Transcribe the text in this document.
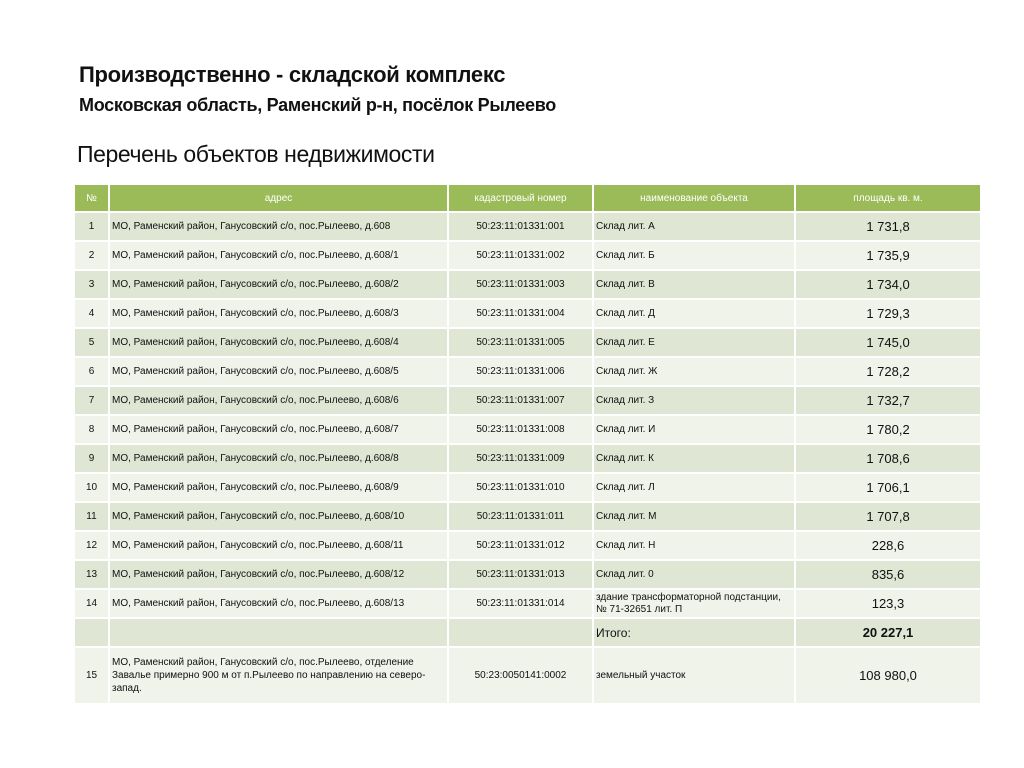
Производственно - складской комплекс
Московская область, Раменский р-н, посёлок Рылеево
Перечень объектов недвижимости
№	адрес	кадастровый номер	наименование объекта	площадь кв. м.
1	МО, Раменский район, Ганусовский с/о, пос.Рылеево, д.608	50:23:11:01331:001	Склад лит. А	1 731,8
2	МО, Раменский район, Ганусовский с/о, пос.Рылеево, д.608/1	50:23:11:01331:002	Склад лит. Б	1 735,9
3	МО, Раменский район, Ганусовский с/о, пос.Рылеево, д.608/2	50:23:11:01331:003	Склад лит. В	1 734,0
4	МО, Раменский район, Ганусовский с/о, пос.Рылеево, д.608/3	50:23:11:01331:004	Склад лит. Д	1 729,3
5	МО, Раменский район, Ганусовский с/о, пос.Рылеево, д.608/4	50:23:11:01331:005	Склад лит. Е	1 745,0
6	МО, Раменский район, Ганусовский с/о, пос.Рылеево, д.608/5	50:23:11:01331:006	Склад лит. Ж	1 728,2
7	МО, Раменский район, Ганусовский с/о, пос.Рылеево, д.608/6	50:23:11:01331:007	Склад лит. З	1 732,7
8	МО, Раменский район, Ганусовский с/о, пос.Рылеево, д.608/7	50:23:11:01331:008	Склад лит. И	1 780,2
9	МО, Раменский район, Ганусовский с/о, пос.Рылеево, д.608/8	50:23:11:01331:009	Склад лит. К	1 708,6
10	МО, Раменский район, Ганусовский с/о, пос.Рылеево, д.608/9	50:23:11:01331:010	Склад лит. Л	1 706,1
11	МО, Раменский район, Ганусовский с/о, пос.Рылеево, д.608/10	50:23:11:01331:011	Склад лит. М	1 707,8
12	МО, Раменский район, Ганусовский с/о, пос.Рылеево, д.608/11	50:23:11:01331:012	Склад лит. Н	228,6
13	МО, Раменский район, Ганусовский с/о, пос.Рылеево, д.608/12	50:23:11:01331:013	Склад лит. 0	835,6
14	МО, Раменский район, Ганусовский с/о, пос.Рылеево, д.608/13	50:23:11:01331:014	здание трансформаторной подстанции, № 71-32651 лит. П	123,3
			Итого:	20 227,1
15	МО, Раменский район, Ганусовский с/о, пос.Рылеево, отделение Завалье примерно 900 м от п.Рылеево по направлению на северо-запад.	50:23:0050141:0002	земельный участок	108 980,0
